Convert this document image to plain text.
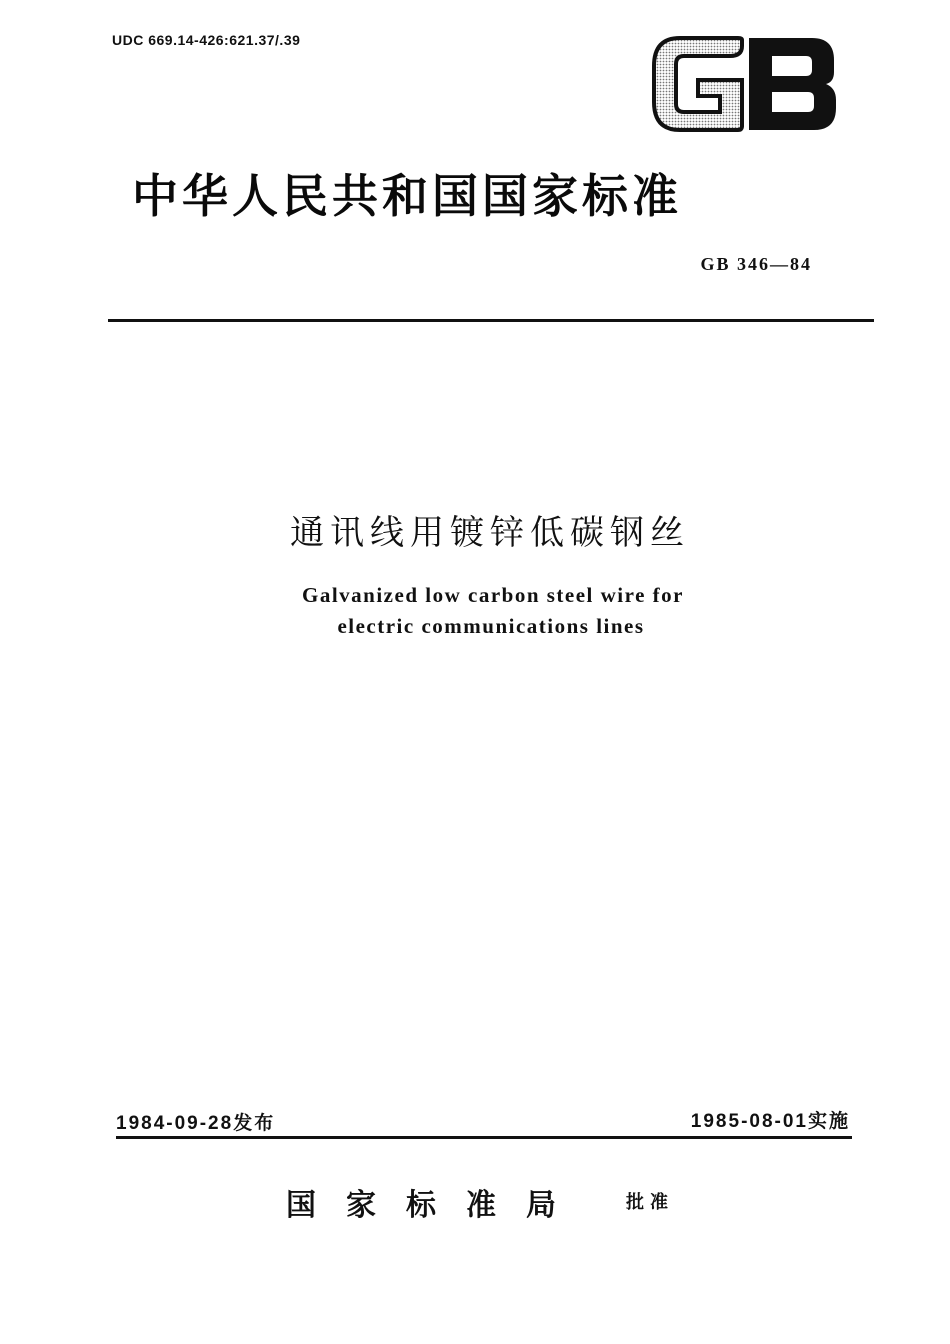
UDC 669.14-426:621.37/.39
中华人民共和国国家标准
GB 346—84
通讯线用镀锌低碳钢丝
Galvanized low carbon steel wire for
electric communications lines
1984-09-28发布	1985-08-01实施
国家标准局 批准
